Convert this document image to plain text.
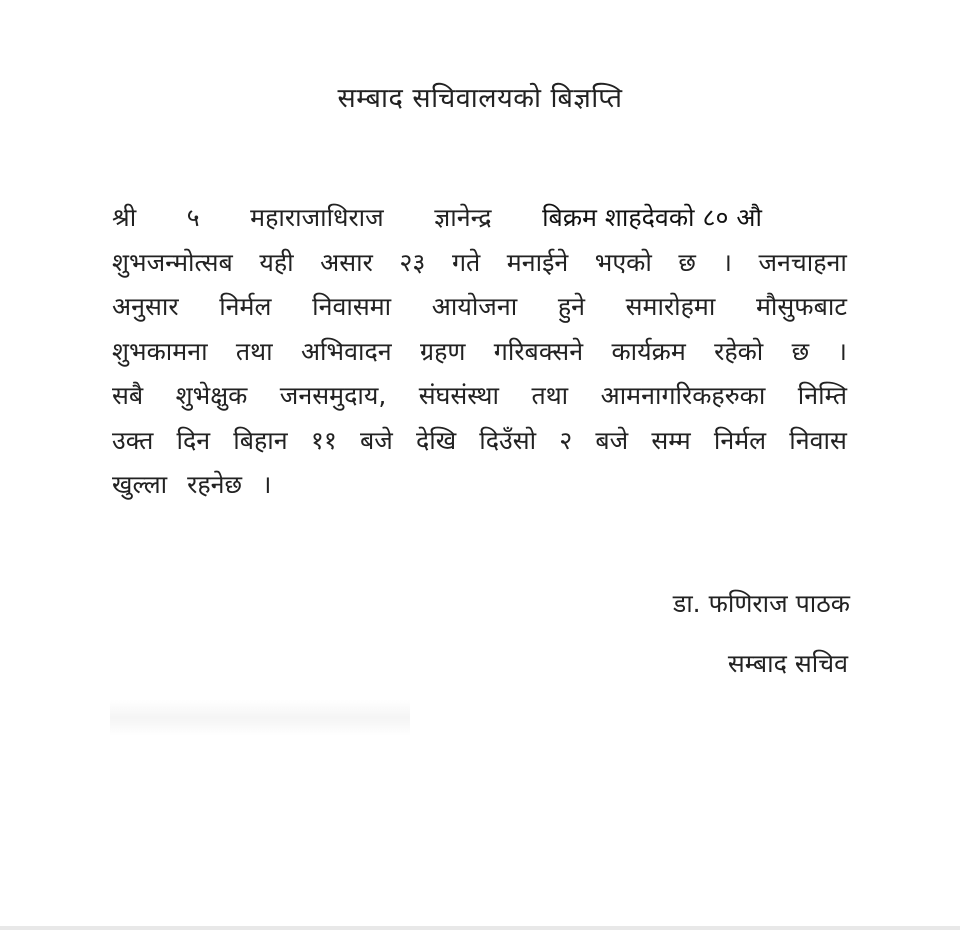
सम्बाद सचिवालयको बिज्ञप्ति
श्री ५ महाराजाधिराज ज्ञानेन्द्र बिक्रम शाहदेवको ८० औ
शुभजन्मोत्सब यही असार २३ गते मनाईने भएको छ । जनचाहना
अनुसार निर्मल निवासमा आयोजना हुने समारोहमा मौसुफबाट
शुभकामना तथा अभिवादन ग्रहण गरिबक्सने कार्यक्रम रहेको छ ।
सबै शुभेक्षुक जनसमुदाय, संघसंस्था तथा आमनागरिकहरुका निम्ति
उक्त दिन बिहान ११ बजे देखि दिउँसो २ बजे सम्म निर्मल निवास
खुल्ला रहनेछ ।
डा. फणिराज पाठक
सम्बाद सचिव
